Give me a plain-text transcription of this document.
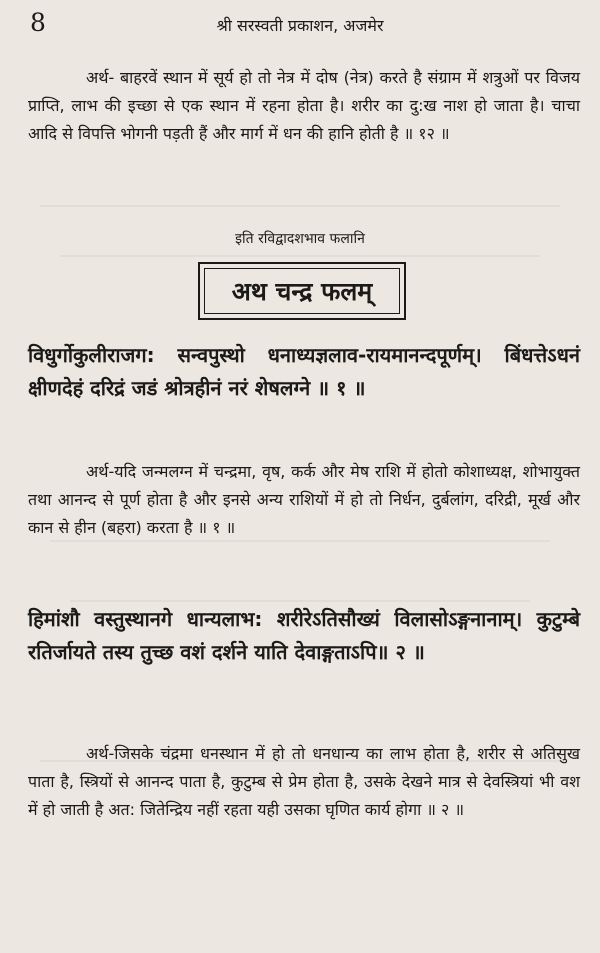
8	श्री सरस्वती प्रकाशन, अजमेर
अर्थ- बाहरवें स्थान में सूर्य हो तो नेत्र में दोष (नेत्र) करते है संग्राम में शत्रुओं पर विजय प्राप्ति, लाभ की इच्छा से एक स्थान में रहना होता है। शरीर का दु:ख नाश हो जाता है। चाचा आदि से विपत्ति भोगनी पड़ती हैं और मार्ग में धन की हानि होती है ॥ १२ ॥
इति रविद्वादशभाव फलानि
अथ चन्द्र फलम्
विधुर्गोकुलीराजग: सन्वपुस्थो धनाध्यज्ञलाव-रायमानन्दपूर्णम्। बिंधत्तेऽधनं क्षीणदेहं दरिद्रं जडं श्रोत्रहीनं नरं शेषलग्ने ॥ १ ॥
अर्थ-यदि जन्मलग्न में चन्द्रमा, वृष, कर्क और मेष राशि में होतो कोशाध्यक्ष, शोभायुक्त तथा आनन्द से पूर्ण होता है और इनसे अन्य राशियों में हो तो निर्धन, दुर्बलांग, दरिद्री, मूर्ख और कान से हीन (बहरा) करता है ॥ १ ॥
हिमांशौ वस्तुस्थानगे धान्यलाभ: शरीरेऽतिसौख्यं विलासोऽङ्गनानाम्। कुटुम्बे रतिर्जायते तस्य तुच्छ वशं दर्शने याति देवाङ्गताऽपि॥ २ ॥
अर्थ-जिसके चंद्रमा धनस्थान में हो तो धनधान्य का लाभ होता है, शरीर से अतिसुख पाता है, स्त्रियों से आनन्द पाता है, कुटुम्ब से प्रेम होता है, उसके देखने मात्र से देवस्त्रियां भी वश में हो जाती है अत: जितेन्द्रिय नहीं रहता यही उसका घृणित कार्य होगा ॥ २ ॥
